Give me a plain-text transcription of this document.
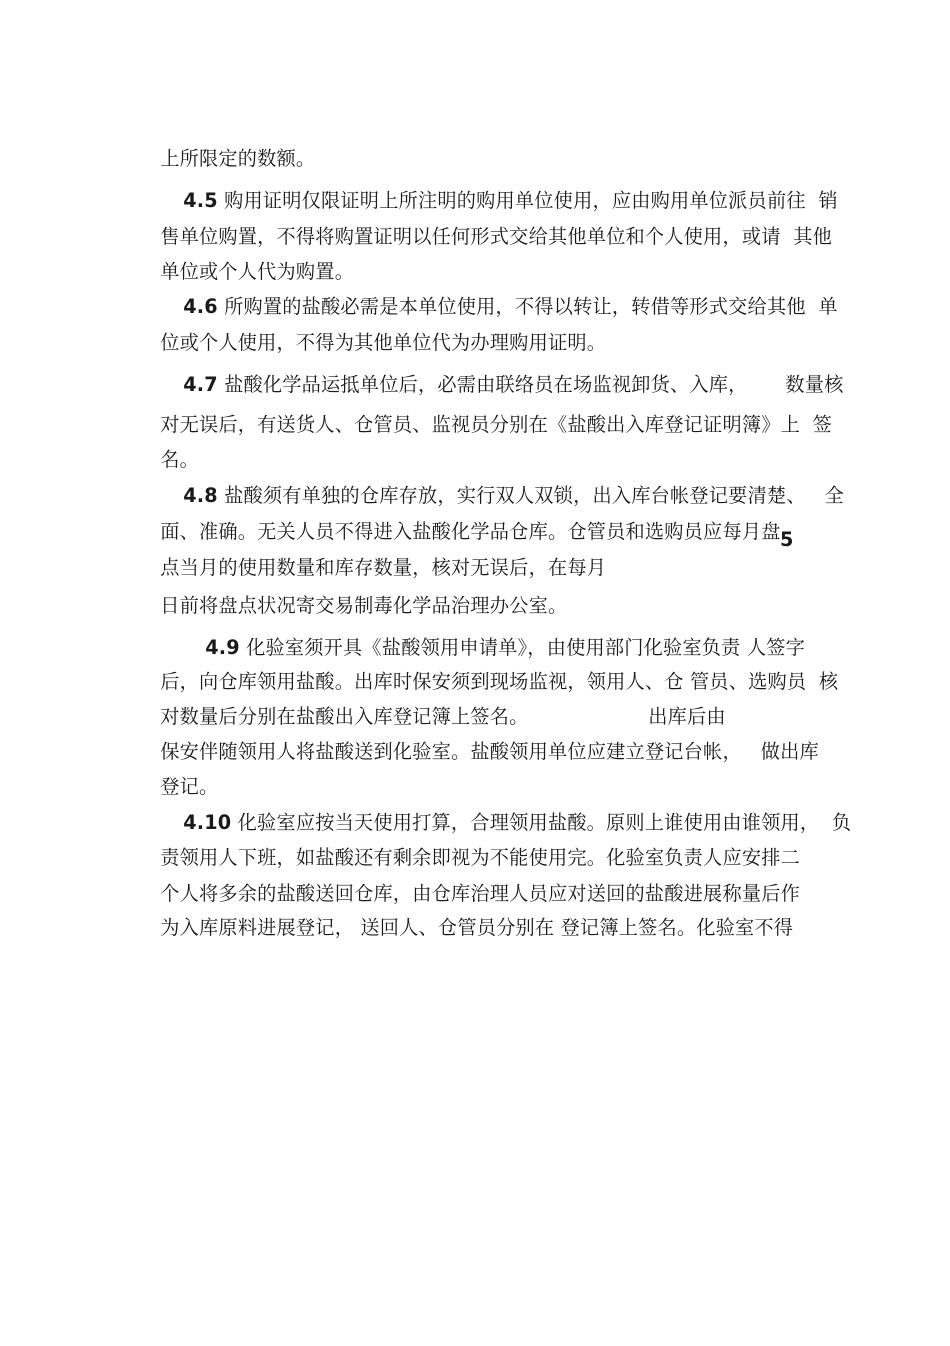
上所限定的数额。

4.5 购用证明仅限证明上所注明的购用单位使用，应由购用单位派员前往  销

售单位购置，不得将购置证明以任何形式交给其他单位和个人使用，或请  其他

单位或个人代为购置。

4.6 所购置的盐酸必需是本单位使用，不得以转让，转借等形式交给其他  单

位或个人使用，不得为其他单位代为办理购用证明。

4.7 盐酸化学品运抵单位后，必需由联络员在场监视卸货、入库，      数量核

对无误后，有送货人、仓管员、监视员分别在《盐酸出入库登记证明簿》上  签

名。

4.8 盐酸须有单独的仓库存放，实行双人双锁，出入库台帐登记要清楚、   全

面、准确。无关人员不得进入盐酸化学品仓库。仓管员和选购员应每月盘

点当月的使用数量和库存数量，核对无误后，在每月

5

日前将盘点状况寄交易制毒化学品治理办公室。

4.9 化验室须开具《盐酸领用申请单》，由使用部门化验室负责 人签字

后，向仓库领用盐酸。出库时保安须到现场监视，领用人、仓 管员、选购员  核

对数量后分别在盐酸出入库登记簿上签名。                   出库后由

保安伴随领用人将盐酸送到化验室。盐酸领用单位应建立登记台帐，   做出库

登记。

4.10 化验室应按当天使用打算，合理领用盐酸。原则上谁使用由谁领用，  负

责领用人下班，如盐酸还有剩余即视为不能使用完。化验室负责人应安排二

个人将多余的盐酸送回仓库，由仓库治理人员应对送回的盐酸进展称量后作

为入库原料进展登记， 送回人、仓管员分别在 登记簿上签名。化验室不得
